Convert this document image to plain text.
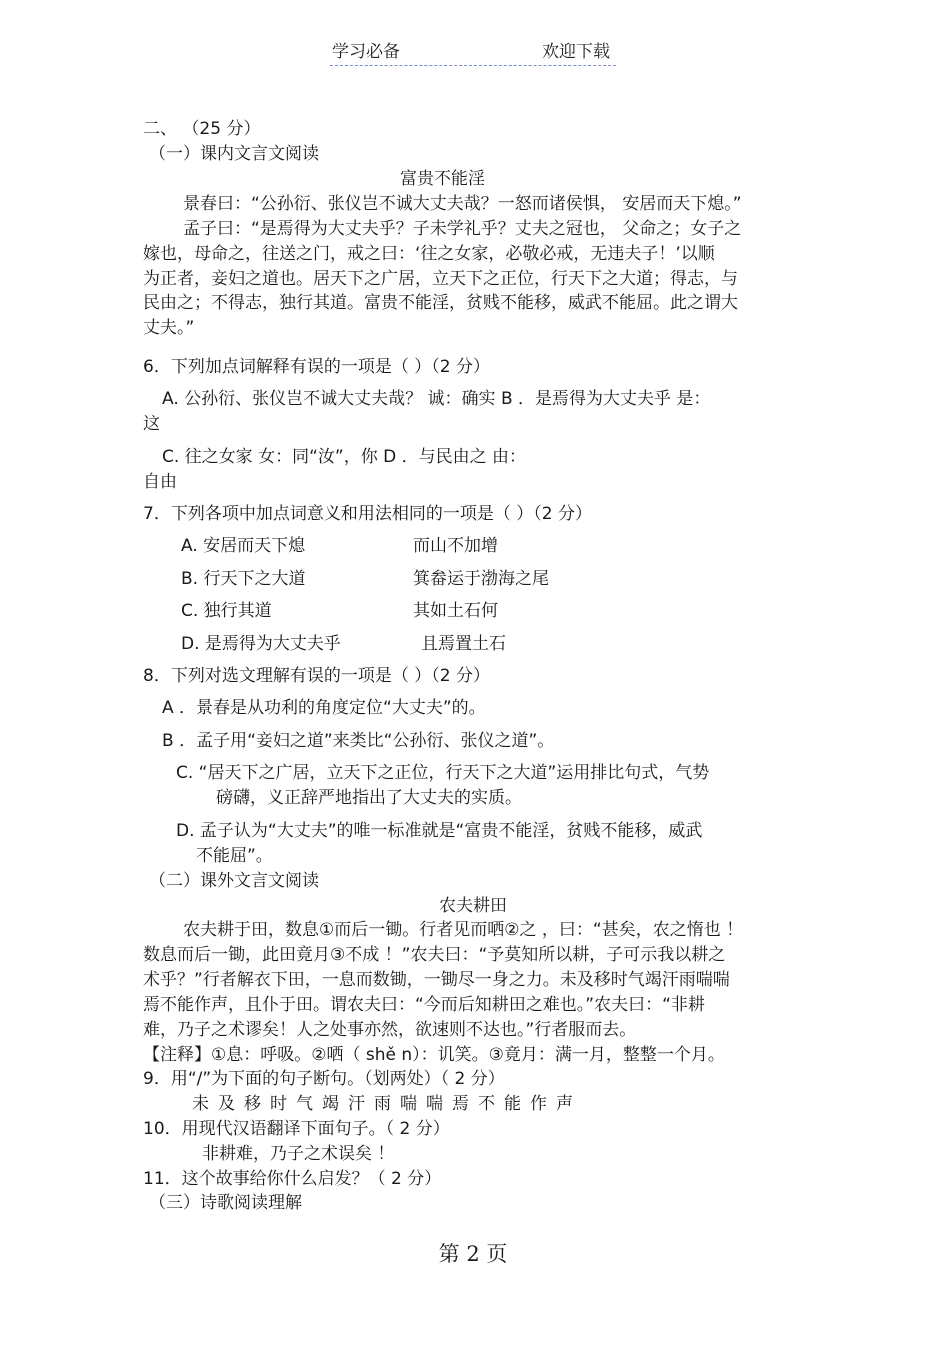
学习必备	欢迎下载
二、 （25 分）
（一）课内文言文阅读
富贵不能淫
景春曰：“公孙衍、张仪岂不诚大丈夫哉？一怒而诸侯惧， 安居而天下熄。”
孟子曰：“是焉得为大丈夫乎？子未学礼乎？丈夫之冠也， 父命之；女子之
嫁也，母命之，往送之门，戒之曰：‘往之女家，必敬必戒，无违夫子！’以顺
为正者，妾妇之道也。居天下之广居，立天下之正位，行天下之大道；得志，与
民由之；不得志，独行其道。富贵不能淫，贫贱不能移，威武不能屈。此之谓大
丈夫。”
6．下列加点词解释有误的一项是（ ）（2 分）
A. 公孙衍、张仪岂不诚大丈夫哉？ 诚：确实 B ．是焉得为大丈夫乎 是：
这
C. 往之女家 女：同“汝”，你 D ．与民由之 由：
自由
7．下列各项中加点词意义和用法相同的一项是（ ）（2 分）
A. 安居而天下熄	而山不加增
B. 行天下之大道	箕畚运于渤海之尾
C. 独行其道	其如土石何
D. 是焉得为大丈夫乎	且焉置土石
8．下列对选文理解有误的一项是（ ）（2 分）
A ．景春是从功利的角度定位“大丈夫”的。
B ．孟子用“妾妇之道”来类比“公孙衍、张仪之道”。
C. “居天下之广居，立天下之正位，行天下之大道”运用排比句式，气势
磅礴，义正辞严地指出了大丈夫的实质。
D. 孟子认为“大丈夫”的唯一标准就是“富贵不能淫，贫贱不能移，威武
不能屈”。
（二）课外文言文阅读
农夫耕田
农夫耕于田，数息①而后一锄。行者见而哂②之 ，曰：“甚矣，农之惰也 ！
数息而后一锄，此田竟月③不成 ！”农夫曰：“予莫知所以耕，子可示我以耕之
术乎？”行者解衣下田，一息而数锄，一锄尽一身之力。未及移时气竭汗雨喘喘
焉不能作声，且仆于田。谓农夫曰：“今而后知耕田之难也。”农夫曰：“非耕
难，乃子之术谬矣！人之处事亦然，欲速则不达也。”行者服而去。
【注释】①息：呼吸。②哂（ shě n）：讥笑。③竟月：满一月，整整一个月。
9．用“/”为下面的句子断句。（划两处）（ 2 分）
未及移时气竭汗雨喘喘焉不能作声
10．用现代汉语翻译下面句子。（ 2 分）
非耕难，乃子之术误矣 ！
11．这个故事给你什么启发？（ 2 分）
（三）诗歌阅读理解
第 2 页
